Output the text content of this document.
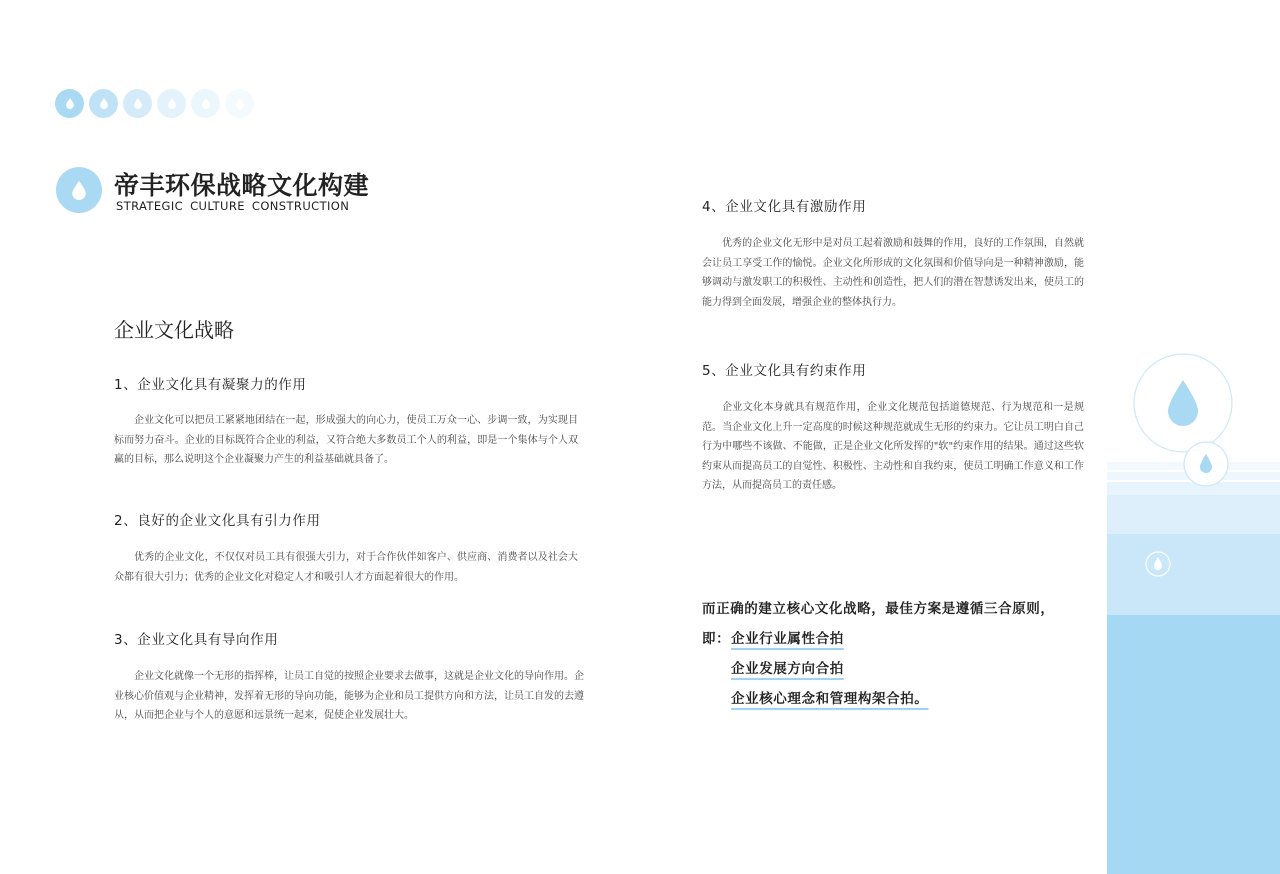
帝丰环保战略文化构建
STRATEGIC CULTURE CONSTRUCTION
企业文化战略
1、企业文化具有凝聚力的作用
企业文化可以把员工紧紧地团结在一起，形成强大的向心力，使员工万众一心、步调一致，为实现目标而努力奋斗。企业的目标既符合企业的利益，又符合绝大多数员工个人的利益，即是一个集体与个人双赢的目标，那么说明这个企业凝聚力产生的利益基础就具备了。
2、良好的企业文化具有引力作用
优秀的企业文化，不仅仅对员工具有很强大引力，对于合作伙伴如客户、供应商、消费者以及社会大众都有很大引力；优秀的企业文化对稳定人才和吸引人才方面起着很大的作用。
3、企业文化具有导向作用
企业文化就像一个无形的指挥棒，让员工自觉的按照企业要求去做事，这就是企业文化的导向作用。企业核心价值观与企业精神，发挥着无形的导向功能，能够为企业和员工提供方向和方法，让员工自发的去遵从，从而把企业与个人的意愿和远景统一起来，促使企业发展壮大。
4、企业文化具有激励作用
优秀的企业文化无形中是对员工起着激励和鼓舞的作用，良好的工作氛围，自然就会让员工享受工作的愉悦。企业文化所形成的文化氛围和价值导向是一种精神激励，能够调动与激发职工的积极性、主动性和创造性，把人们的潜在智慧诱发出来，使员工的能力得到全面发展，增强企业的整体执行力。
5、企业文化具有约束作用
企业文化本身就具有规范作用，企业文化规范包括道德规范、行为规范和一是规范。当企业文化上升一定高度的时候这种规范就成生无形的约束力。它让员工明白自己行为中哪些不该做、不能做，正是企业文化所发挥的"软"约束作用的结果。通过这些软约束从而提高员工的自觉性、积极性、主动性和自我约束，使员工明确工作意义和工作方法，从而提高员工的责任感。
而正确的建立核心文化战略，最佳方案是遵循三合原则，
即： 企业行业属性合拍
企业发展方向合拍
企业核心理念和管理构架合拍。
